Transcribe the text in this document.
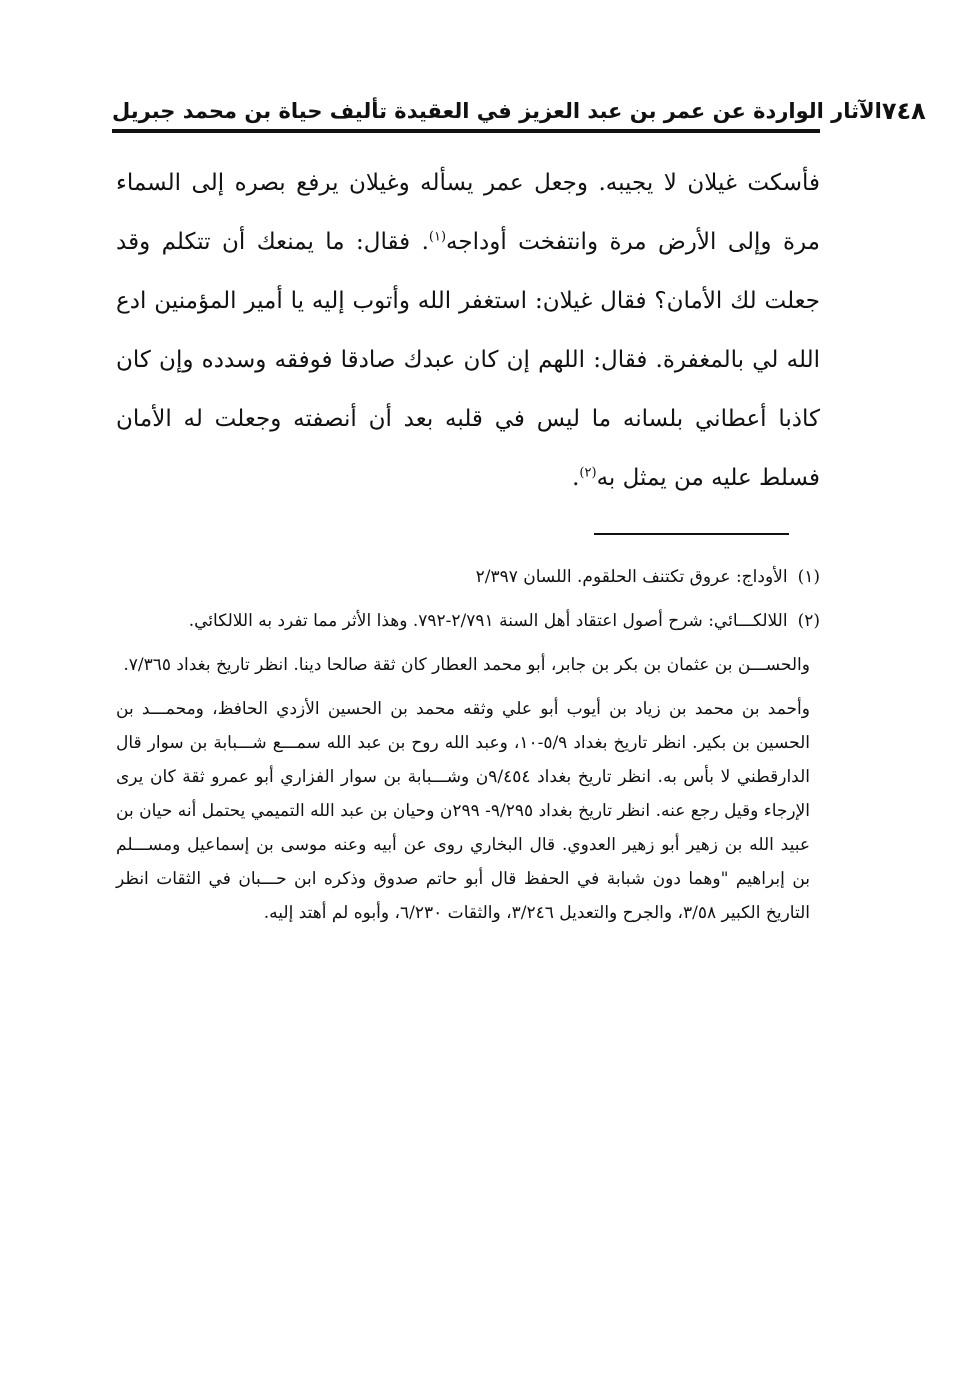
الآثار الواردة عن عمر بن عبد العزيز في العقيدة تأليف حياة بن محمد جبريل ٧٤٨
فأسكت غيلان لا يجيبه. وجعل عمر يسأله وغيلان يرفع بصره إلى السماء مرة وإلى الأرض مرة وانتفخت أوداجه$^{(١)}$. فقال: ما يمنعك أن تتكلم وقد جعلت لك الأمان؟ فقال غيلان: استغفر الله وأتوب إليه يا أمير المؤمنين ادع الله لي بالمغفرة. فقال: اللهم إن كان عبدك صادقا فوفقه وسدده وإن كان كاذبا أعطاني بلسانه ما ليس في قلبه بعد أن أنصفته وجعلت له الأمان فسلط عليه من يمثل به$^{(٢)}$.

(١)الأوداج: عروق تكتنف الحلقوم. اللسان ٢/٣٩٧

(٢)اللالكـــائي: شرح أصول اعتقاد أهل السنة ٢/٧٩١-٧٩٢. وهذا الأثر مما تفرد به اللالكائي.

والحســـن بن عثمان بن بكر بن جابر، أبو محمد العطار كان ثقة صالحا دينا. انظر تاريخ بغداد ٧/٣٦٥.

وأحمد بن محمد بن زياد بن أيوب أبو علي وثقه محمد بن الحسين الأزدي الحافظ، ومحمـــد بن الحسين بن بكير. انظر تاريخ بغداد ٥/٩-١٠، وعبد الله روح بن عبد الله سمـــع شـــبابة بن سوار قال الدارقطني لا بأس به. انظر تاريخ بغداد ٩/٤٥٤ن وشـــبابة بن سوار الفزاري أبو عمرو ثقة كان يرى الإرجاء وقيل رجع عنه. انظر تاريخ بغداد ٩/٢٩٥- ٢٩٩ن وحيان بن عبد الله التميمي يحتمل أنه حيان بن عبيد الله بن زهير أبو زهير العدوي. قال البخاري روى عن أبيه وعنه موسى بن إسماعيل ومســـلم بن إبراهيم "وهما دون شبابة في الحفظ قال أبو حاتم صدوق وذكره ابن حـــبان في الثقات انظر التاريخ الكبير ٣/٥٨، والجرح والتعديل ٣/٢٤٦، والثقات ٦/٢٣٠، وأبوه لم أهتد إليه.
